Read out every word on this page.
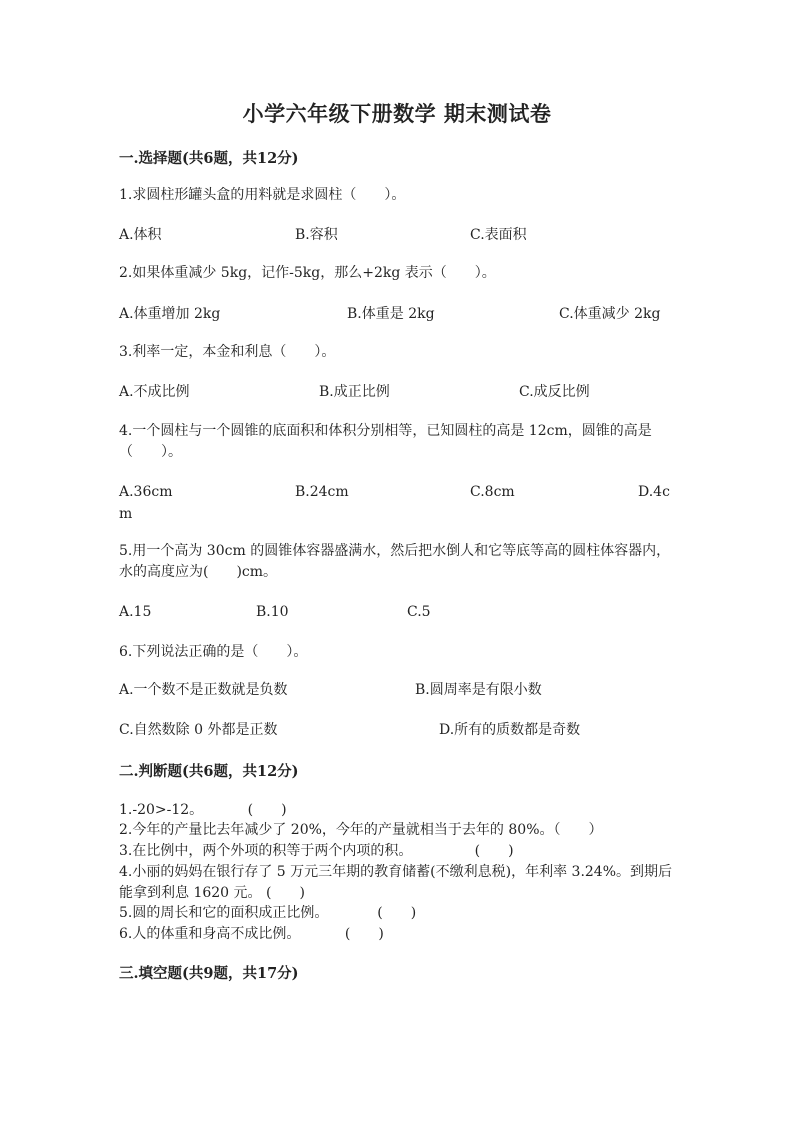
小学六年级下册数学 期末测试卷
一.选择题(共6题，共12分)
1.求圆柱形罐头盒的用料就是求圆柱（　　）。
A.体积	B.容积	C.表面积
2.如果体重减少 5kg，记作-5kg，那么+2kg 表示（　　）。
A.体重增加 2kg	B.体重是 2kg	C.体重减少 2kg
3.利率一定，本金和利息（　　）。
A.不成比例	B.成正比例	C.成反比例
4.一个圆柱与一个圆锥的底面积和体积分别相等，已知圆柱的高是 12cm，圆锥的高是（　　）。
A.36cm	B.24cm	C.8cm	D.4c
m
5.用一个高为 30cm 的圆锥体容器盛满水，然后把水倒人和它等底等高的圆柱体容器内，水的高度应为(　　)cm。
A.15	B.10	C.5
6.下列说法正确的是（　　）。
A.一个数不是正数就是负数	B.圆周率是有限小数
C.自然数除 0 外都是正数	D.所有的质数都是奇数
二.判断题(共6题，共12分)
1.-20>-12。          (　　)
2.今年的产量比去年减少了 20%，今年的产量就相当于去年的 80%。（　　）
3.在比例中，两个外项的积等于两个内项的积。              (　　)
4.小丽的妈妈在银行存了 5 万元三年期的教育储蓄(不缴利息税)，年利率 3.24%。到期后能拿到利息 1620 元。 (　　)
5.圆的周长和它的面积成正比例。           (　　)
6.人的体重和身高不成比例。          (　　)
三.填空题(共9题，共17分)
